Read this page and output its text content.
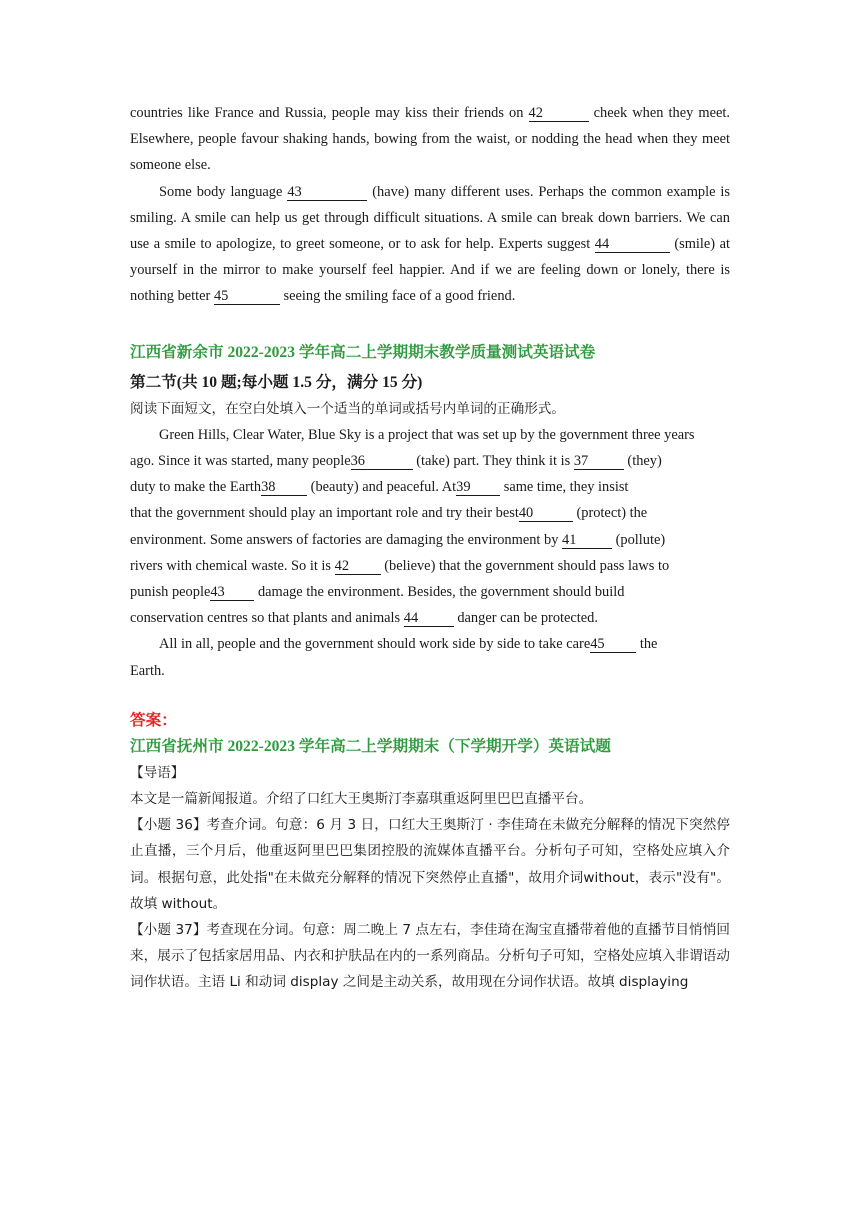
countries like France and Russia, people may kiss their friends on 42	cheek when they meet. Elsewhere, people favour shaking hands, bowing from the waist, or nodding the head when they meet someone else.

Some body language 43	(have) many different uses. Perhaps the common example is smiling. A smile can help us get through difficult situations. A smile can break down barriers. We can use a smile to apologize, to greet someone, or to ask for help. Experts suggest 44	(smile) at yourself in the mirror to make yourself feel happier. And if we are feeling down or lonely, there is nothing better 45	seeing the smiling face of a good friend.

江西省新余市 2022-2023 学年高二上学期期末教学质量测试英语试卷

第二节(共 10 题;每小题 1.5 分，满分 15 分)

阅读下面短文，在空白处填入一个适当的单词或括号内单词的正确形式。

Green Hills, Clear Water, Blue Sky is a project that was set up by the government three years

ago. Since it was started, many people36	(take) part. They think it is 37 (they)

duty to make the Earth38 (beauty) and peaceful. At39 same time, they insist

that the government should play an important role and try their best40	(protect) the

environment. Some answers of factories are damaging the environment by 41 (pollute)

rivers with chemical waste. So it is 42 (believe) that the government should pass laws to

punish people43 damage the environment. Besides, the government should build

conservation centres so that plants and animals 44 danger can be protected.

All in all, people and the government should work side by side to take care45 the

Earth.

答案：

江西省抚州市 2022-2023 学年高二上学期期末（下学期开学）英语试题

【导语】

本文是一篇新闻报道。介绍了口红大王奥斯汀李嘉琪重返阿里巴巴直播平台。

【小题 36】考查介词。句意：6 月 3 日，口红大王奥斯汀 · 李佳琦在未做充分解释的情况下突然停止直播，三个月后，他重返阿里巴巴集团控股的流媒体直播平台。分析句子可知，空格处应填入介词。根据句意，此处指"在未做充分解释的情况下突然停止直播"，故用介词without，表示"没有"。故填 without。

【小题 37】考查现在分词。句意：周二晚上 7 点左右，李佳琦在淘宝直播带着他的直播节目悄悄回来，展示了包括家居用品、内衣和护肤品在内的一系列商品。分析句子可知，空格处应填入非谓语动词作状语。主语 Li 和动词 display 之间是主动关系，故用现在分词作状语。故填 displaying
